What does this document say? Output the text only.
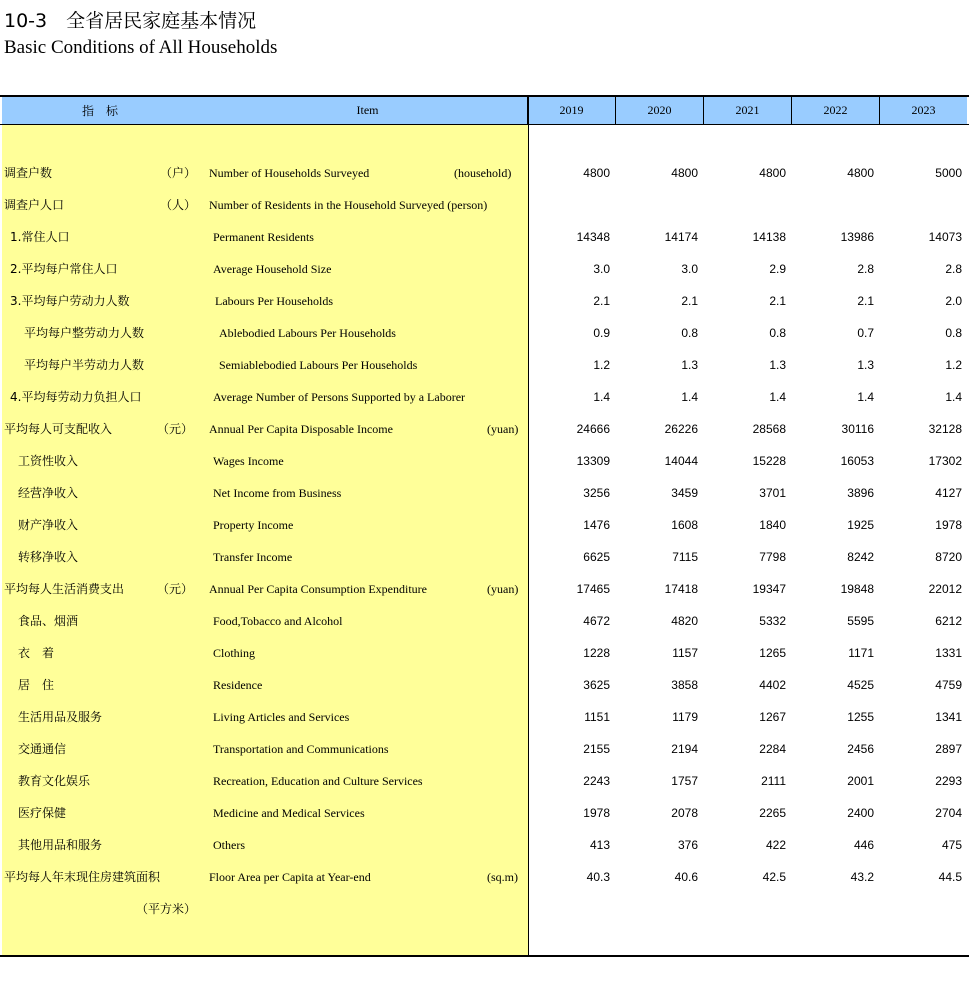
10-3　全省居民家庭基本情况
Basic Conditions of All Households
指　标	Item	2019	2020	2021	2022	2023
调查户数	（户） Number of Households Surveyed	(household)	4800	4800	4800	4800	5000
调查户人口	（人） Number of Residents in the Household Surveyed (person)
1.常住人口	Permanent Residents	14348	14174	14138	13986	14073
2.平均每户常住人口	Average Household Size	3.0	3.0	2.9	2.8	2.8
3.平均每户劳动力人数	Labours Per Households	2.1	2.1	2.1	2.1	2.0
平均每户整劳动力人数	Ablebodied Labours Per Households	0.9	0.8	0.8	0.7	0.8
平均每户半劳动力人数	Semiablebodied Labours Per Households	1.2	1.3	1.3	1.3	1.2
4.平均每劳动力负担人口	Average Number of Persons Supported by a Laborer	1.4	1.4	1.4	1.4	1.4
平均每人可支配收入	（元） Annual Per Capita Disposable Income	(yuan)	24666	26226	28568	30116	32128
工资性收入	Wages Income	13309	14044	15228	16053	17302
经营净收入	Net Income from Business	3256	3459	3701	3896	4127
财产净收入	Property Income	1476	1608	1840	1925	1978
转移净收入	Transfer Income	6625	7115	7798	8242	8720
平均每人生活消费支出	（元） Annual Per Capita Consumption Expenditure	(yuan)	17465	17418	19347	19848	22012
食品、烟酒	Food,Tobacco and Alcohol	4672	4820	5332	5595	6212
衣　着	Clothing	1228	1157	1265	1171	1331
居　住	Residence	3625	3858	4402	4525	4759
生活用品及服务	Living Articles and Services	1151	1179	1267	1255	1341
交通通信	Transportation and Communications	2155	2194	2284	2456	2897
教育文化娱乐	Recreation, Education and Culture Services	2243	1757	2111	2001	2293
医疗保健	Medicine and Medical Services	1978	2078	2265	2400	2704
其他用品和服务	Others	413	376	422	446	475
平均每人年末现住房建筑面积	Floor Area per Capita at Year-end	(sq.m)	40.3	40.6	42.5	43.2	44.5
（平方米）
